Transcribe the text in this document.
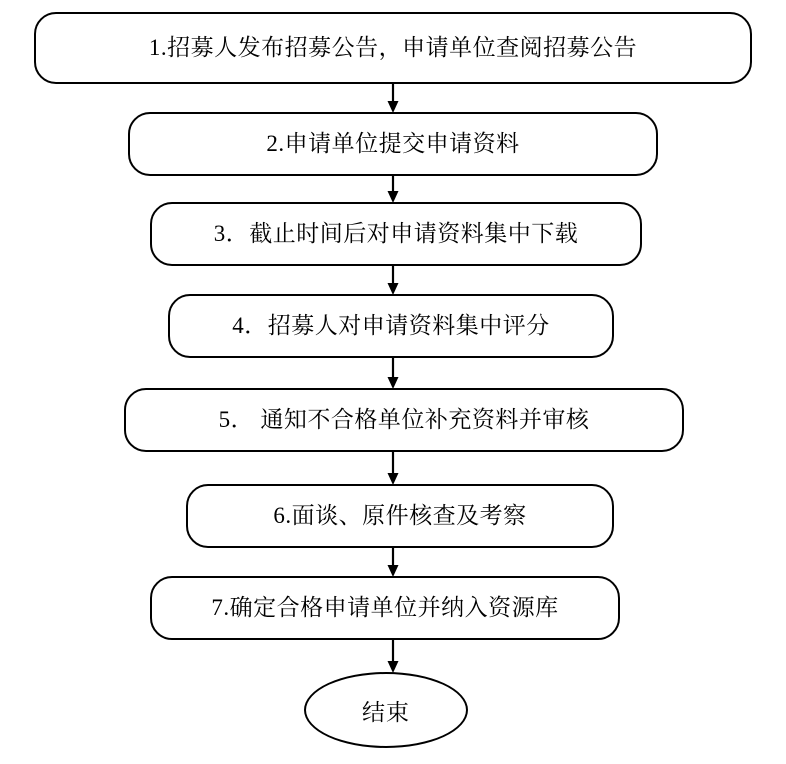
1.招募人发布招募公告，申请单位查阅招募公告
2.申请单位提交申请资料
3．截止时间后对申请资料集中下载
4．招募人对申请资料集中评分
5． 通知不合格单位补充资料并审核
6.面谈、原件核查及考察
7.确定合格申请单位并纳入资源库
结束
